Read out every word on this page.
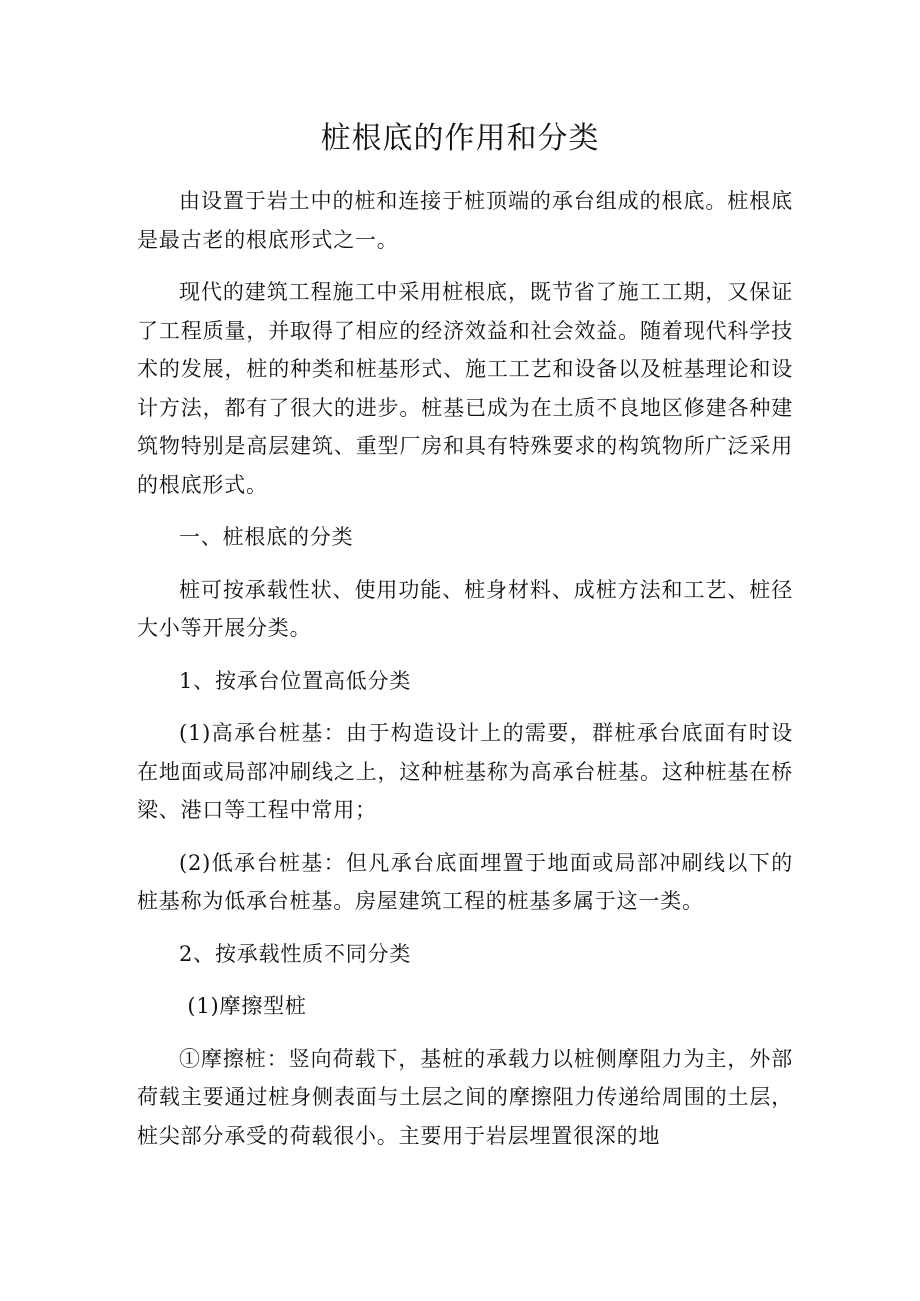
桩根底的作用和分类

由设置于岩土中的桩和连接于桩顶端的承台组成的根底。桩根底是最古老的根底形式之一。

现代的建筑工程施工中采用桩根底，既节省了施工工期，又保证了工程质量，并取得了相应的经济效益和社会效益。随着现代科学技术的发展，桩的种类和桩基形式、施工工艺和设备以及桩基理论和设计方法，都有了很大的进步。桩基已成为在土质不良地区修建各种建筑物特别是高层建筑、重型厂房和具有特殊要求的构筑物所广泛采用的根底形式。

一、桩根底的分类

桩可按承载性状、使用功能、桩身材料、成桩方法和工艺、桩径大小等开展分类。

1、按承台位置高低分类

(1)高承台桩基：由于构造设计上的需要，群桩承台底面有时设在地面或局部冲刷线之上，这种桩基称为高承台桩基。这种桩基在桥梁、港口等工程中常用；

(2)低承台桩基：但凡承台底面埋置于地面或局部冲刷线以下的桩基称为低承台桩基。房屋建筑工程的桩基多属于这一类。

2、按承载性质不同分类

(1)摩擦型桩

①摩擦桩：竖向荷载下，基桩的承载力以桩侧摩阻力为主，外部荷载主要通过桩身侧表面与土层之间的摩擦阻力传递给周围的土层，桩尖部分承受的荷载很小。主要用于岩层埋置很深的地
